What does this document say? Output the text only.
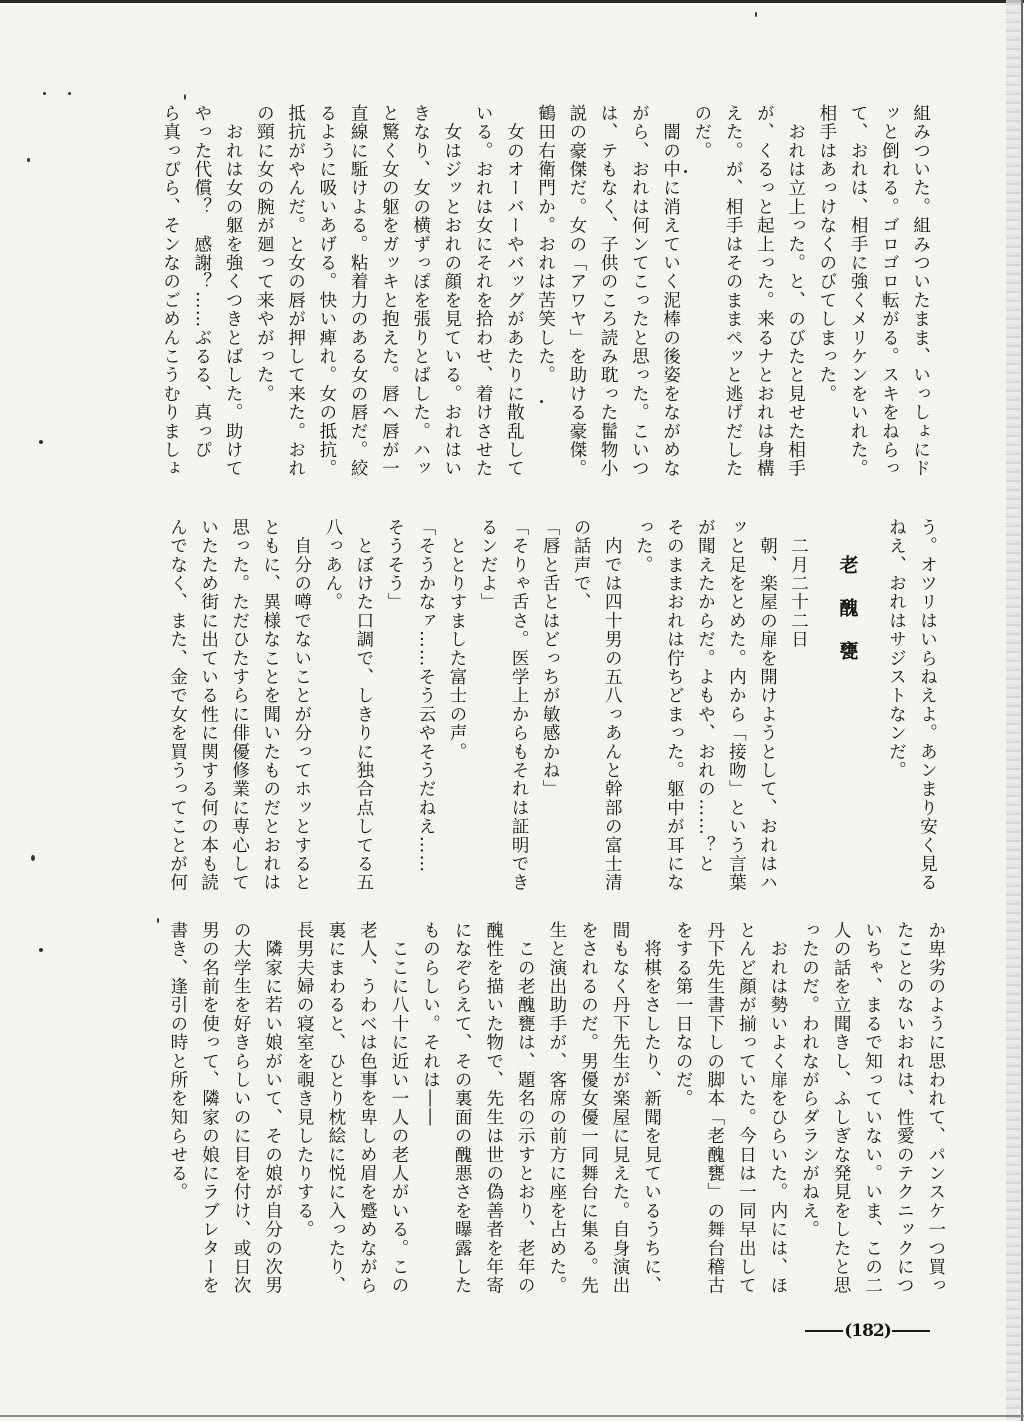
組みついた。組みついたまま、いっしょにド
ッと倒れる。ゴロゴロ転がる。スキをねらっ
て、おれは、相手に強くメリケンをいれた。
相手はあっけなくのびてしまった。
　おれは立上った。と、のびたと見せた相手
が、くるっと起上った。来るナとおれは身構
えた。が、相手はそのままペッと逃げだした
のだ。
　闇の中に消えていく泥棒の後姿をながめな
がら、おれは何ンてこったと思った。こいつ
は、テもなく、子供のころ読み耽った髷物小
説の豪傑だ。女の「アワヤ」を助ける豪傑。
鶴田右衛門か。おれは苦笑した。
　女のオーバーやバッグがあたりに散乱して
いる。おれは女にそれを拾わせ、着けさせた
　女はジッとおれの顔を見ている。おれはい
きなり、女の横ずっぽを張りとばした。ハッ
と驚く女の躯をガッキと抱えた。唇へ唇が一
直線に駈けよる。粘着力のある女の唇だ。絞
るように吸いあげる。快い痺れ。女の抵抗。
抵抗がやんだ。と女の唇が押して来た。おれ
の頸に女の腕が廻って来やがった。
　おれは女の躯を強くつきとばした。助けて
やった代償？　感謝？……ぶるる、真っぴ
ら真っぴら、そンなのごめんこうむりましょ
う。オツリはいらねえよ。あンまり安く見る
ねえ、おれはサジストなンだ。
老醜甕
　二月二十二日
　朝、楽屋の扉を開けようとして、おれはハ
ッと足をとめた。内から「接吻」という言葉
が聞えたからだ。よもや、おれの……？と
そのままおれは佇ちどまった。躯中が耳にな
った。
　内では四十男の五八っあんと幹部の富士清
の話声で、
「唇と舌とはどっちが敏感かね」
「そりゃ舌さ。医学上からもそれは証明でき
るンだよ」
　ととりすました富士の声。
「そうかなァ……そう云やそうだねえ……
そうそう」
　とぼけた口調で、しきりに独合点してる五
八っあん。
　自分の噂でないことが分ってホッとすると
ともに、異様なことを聞いたものだとおれは
思った。ただひたすらに俳優修業に専心して
いたため街に出ている性に関する何の本も読
んでなく、また、金で女を買うってことが何
か卑劣のように思われて、パンスケ一つ買っ
たことのないおれは、性愛のテクニックにつ
いちゃ、まるで知っていない。いま、この二
人の話を立聞きし、ふしぎな発見をしたと思
ったのだ。われながらダラシがねえ。
　おれは勢いよく扉をひらいた。内には、ほ
とんど顔が揃っていた。今日は一同早出して
丹下先生書下しの脚本「老醜甕」の舞台稽古
をする第一日なのだ。
　将棋をさしたり、新聞を見ているうちに、
間もなく丹下先生が楽屋に見えた。自身演出
をされるのだ。男優女優一同舞台に集る。先
生と演出助手が、客席の前方に座を占めた。
　この老醜甕は、題名の示すとおり、老年の
醜性を描いた物で、先生は世の偽善者を年寄
になぞらえて、その裏面の醜悪さを曝露した
ものらしい。それは――
　ここに八十に近い一人の老人がいる。この
老人、うわべは色事を卑しめ眉を蹙めながら
裏にまわると、ひとり枕絵に悦に入ったり、
長男夫婦の寝室を覗き見したりする。
　隣家に若い娘がいて、その娘が自分の次男
の大学生を好きらしいのに目を付け、或日次
男の名前を使って、隣家の娘にラブレターを
書き、逢引の時と所を知らせる。
(182)
